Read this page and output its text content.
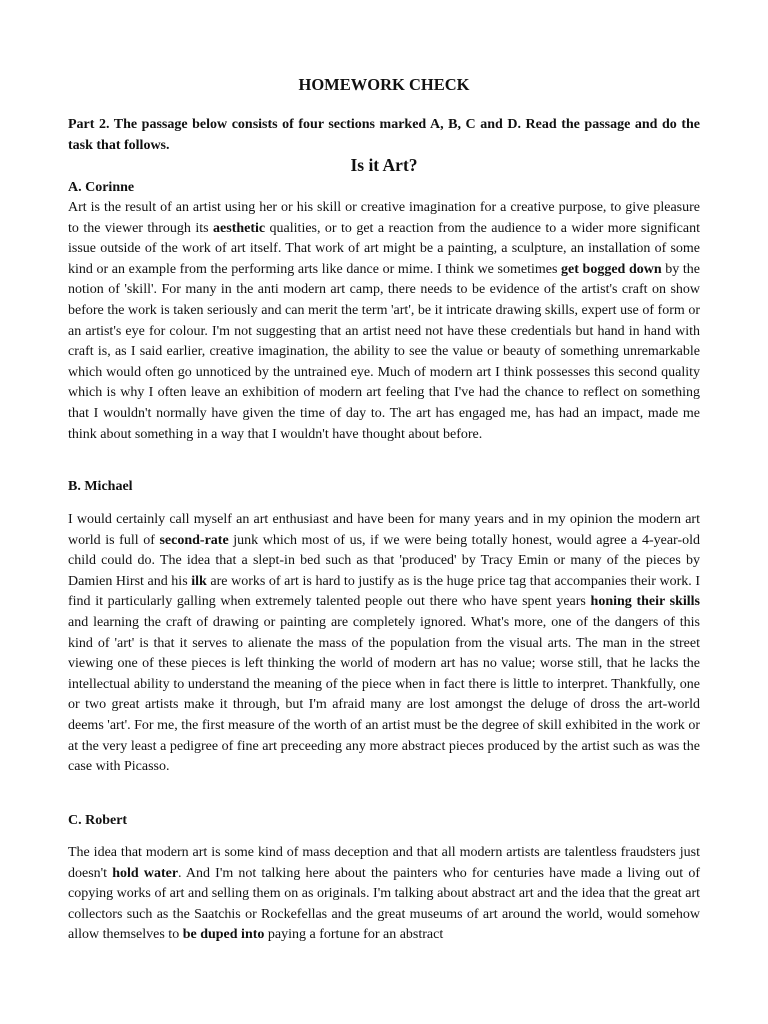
HOMEWORK CHECK
Part 2. The passage below consists of four sections marked A, B, C and D. Read the passage and do the task that follows.
Is it Art?
A. Corinne
Art is the result of an artist using her or his skill or creative imagination for a creative purpose, to give pleasure to the viewer through its aesthetic qualities, or to get a reaction from the audience to a wider more significant issue outside of the work of art itself. That work of art might be a painting, a sculpture, an installation of some kind or an example from the performing arts like dance or mime. I think we sometimes get bogged down by the notion of 'skill'. For many in the anti modern art camp, there needs to be evidence of the artist's craft on show before the work is taken seriously and can merit the term 'art', be it intricate drawing skills, expert use of form or an artist's eye for colour. I'm not suggesting that an artist need not have these credentials but hand in hand with craft is, as I said earlier, creative imagination, the ability to see the value or beauty of something unremarkable which would often go unnoticed by the untrained eye. Much of modern art I think possesses this second quality which is why I often leave an exhibition of modern art feeling that I've had the chance to reflect on something that I wouldn't normally have given the time of day to. The art has engaged me, has had an impact, made me think about something in a way that I wouldn't have thought about before.
B. Michael
I would certainly call myself an art enthusiast and have been for many years and in my opinion the modern art world is full of second-rate junk which most of us, if we were being totally honest, would agree a 4-year-old child could do. The idea that a slept-in bed such as that 'produced' by Tracy Emin or many of the pieces by Damien Hirst and his ilk are works of art is hard to justify as is the huge price tag that accompanies their work. I find it particularly galling when extremely talented people out there who have spent years honing their skills and learning the craft of drawing or painting are completely ignored. What's more, one of the dangers of this kind of 'art' is that it serves to alienate the mass of the population from the visual arts. The man in the street viewing one of these pieces is left thinking the world of modern art has no value; worse still, that he lacks the intellectual ability to understand the meaning of the piece when in fact there is little to interpret. Thankfully, one or two great artists make it through, but I'm afraid many are lost amongst the deluge of dross the art-world deems 'art'. For me, the first measure of the worth of an artist must be the degree of skill exhibited in the work or at the very least a pedigree of fine art preceeding any more abstract pieces produced by the artist such as was the case with Picasso.
C. Robert
The idea that modern art is some kind of mass deception and that all modern artists are talentless fraudsters just doesn't hold water. And I'm not talking here about the painters who for centuries have made a living out of copying works of art and selling them on as originals. I'm talking about abstract art and the idea that the great art collectors such as the Saatchis or Rockefellas and the great museums of art around the world, would somehow allow themselves to be duped into paying a fortune for an abstract
